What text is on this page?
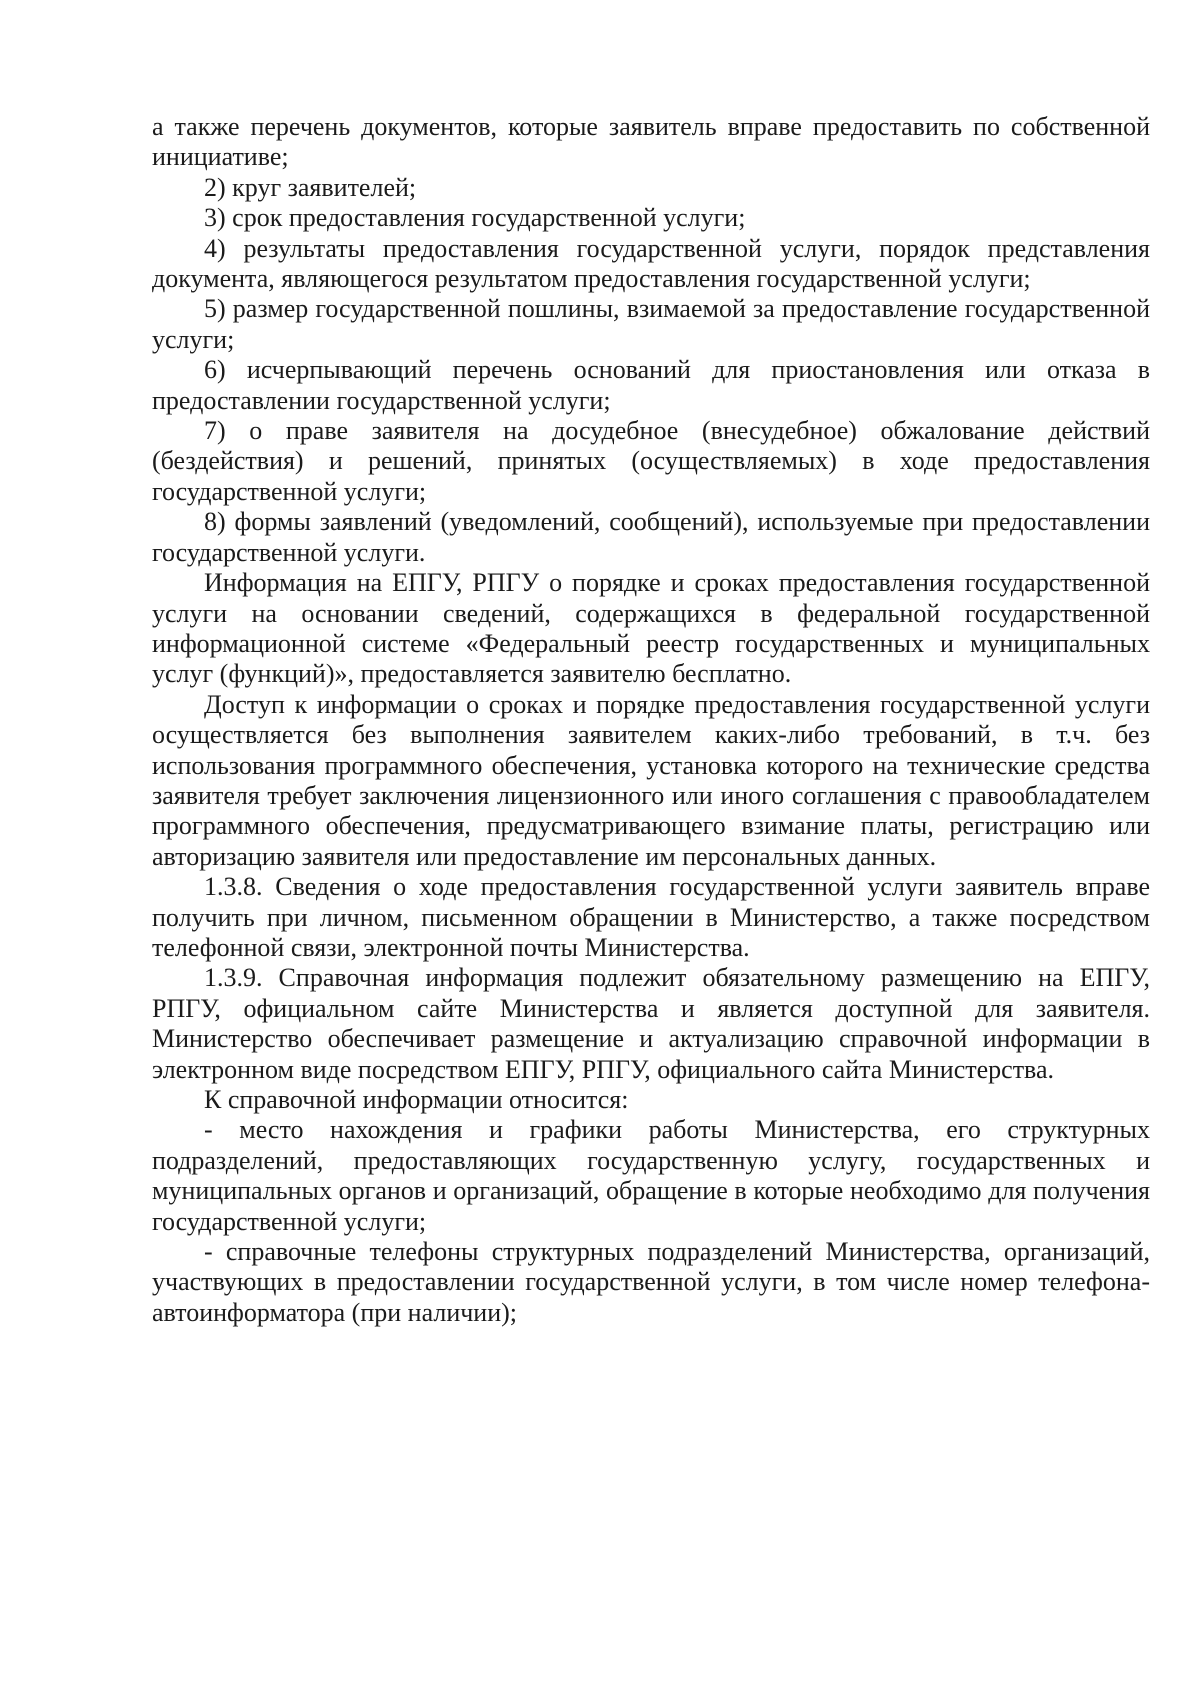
а также перечень документов, которые заявитель вправе предоставить по собственной инициативе;

2) круг заявителей;

3) срок предоставления государственной услуги;

4) результаты предоставления государственной услуги, порядок представления документа, являющегося результатом предоставления государственной услуги;

5) размер государственной пошлины, взимаемой за предоставление государственной услуги;

6) исчерпывающий перечень оснований для приостановления или отказа в предоставлении государственной услуги;

7) о праве заявителя на досудебное (внесудебное) обжалование действий (бездействия) и решений, принятых (осуществляемых) в ходе предоставления государственной услуги;

8) формы заявлений (уведомлений, сообщений), используемые при предоставлении государственной услуги.

Информация на ЕПГУ, РПГУ о порядке и сроках предоставления государственной услуги на основании сведений, содержащихся в федеральной государственной информационной системе «Федеральный реестр государственных и муниципальных услуг (функций)», предоставляется заявителю бесплатно.

Доступ к информации о сроках и порядке предоставления государственной услуги осуществляется без выполнения заявителем каких-либо требований, в т.ч. без использования программного обеспечения, установка которого на технические средства заявителя требует заключения лицензионного или иного соглашения с правообладателем программного обеспечения, предусматривающего взимание платы, регистрацию или авторизацию заявителя или предоставление им персональных данных.

1.3.8. Сведения о ходе предоставления государственной услуги заявитель вправе получить при личном, письменном обращении в Министерство, а также посредством телефонной связи, электронной почты Министерства.

1.3.9. Справочная информация подлежит обязательному размещению на ЕПГУ, РПГУ, официальном сайте Министерства и является доступной для заявителя. Министерство обеспечивает размещение и актуализацию справочной информации в электронном виде посредством ЕПГУ, РПГУ, официального сайта Министерства.

К справочной информации относится:

- место нахождения и графики работы Министерства, его структурных подразделений, предоставляющих государственную услугу, государственных и муниципальных органов и организаций, обращение в которые необходимо для получения государственной услуги;

- справочные телефоны структурных подразделений Министерства, организаций, участвующих в предоставлении государственной услуги, в том числе номер телефона-автоинформатора (при наличии);
